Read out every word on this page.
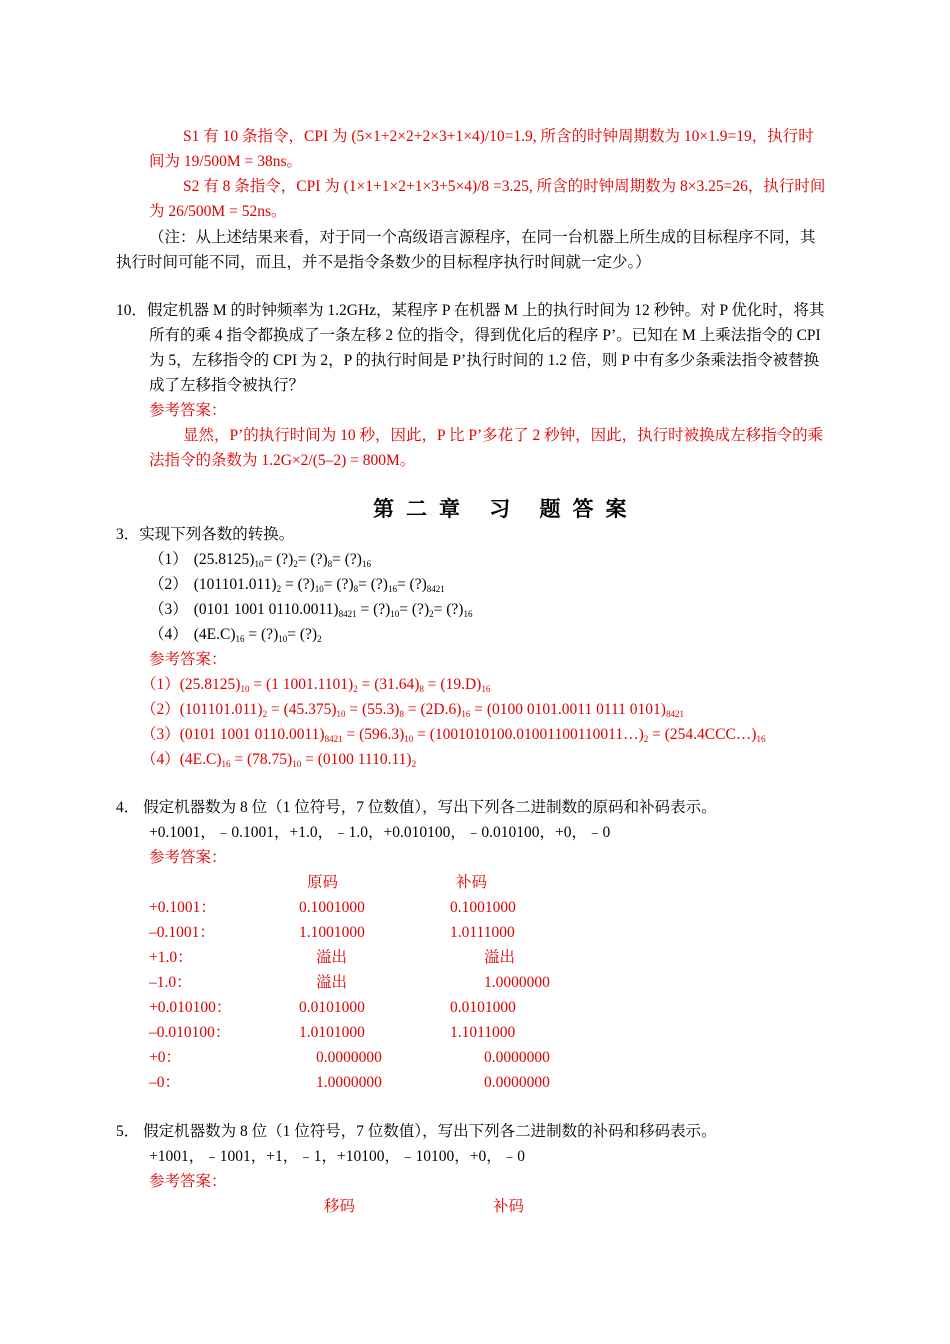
S1 有 10 条指令，CPI 为 (5×1+2×2+2×3+1×4)/10=1.9, 所含的时钟周期数为 10×1.9=19，执行时
间为 19/500M = 38ns。
S2 有 8 条指令，CPI 为 (1×1+1×2+1×3+5×4)/8 =3.25, 所含的时钟周期数为 8×3.25=26，执行时间
为 26/500M = 52ns。
（注：从上述结果来看，对于同一个高级语言源程序，在同一台机器上所生成的目标程序不同，其
执行时间可能不同，而且，并不是指令条数少的目标程序执行时间就一定少。）
10．假定机器 M 的时钟频率为 1.2GHz，某程序 P 在机器 M 上的执行时间为 12 秒钟。对 P 优化时，将其
所有的乘 4 指令都换成了一条左移 2 位的指令，得到优化后的程序 P’。已知在 M 上乘法指令的 CPI
为 5，左移指令的 CPI 为 2，P 的执行时间是 P’执行时间的 1.2 倍，则 P 中有多少条乘法指令被替换
成了左移指令被执行？
参考答案：
显然，P’的执行时间为 10 秒，因此，P 比 P’多花了 2 秒钟，因此，执行时被换成左移指令的乘
法指令的条数为 1.2G×2/(5–2) = 800M。
第二章 习 题答案
3．实现下列各数的转换。
（1） $(25.8125)_{10}=$ $(?)_2=$ $(?)_8=$ $(?)_{16}$
（2） $(101101.011)_2$ = $(?)_{10}=$ $(?)_8=$ $(?)_{16}=$ $(?)_{8421}$
（3） (0101 1001 $0110.0011)_{8421}$ = $(?)_{10}=$ $(?)_2=$ $(?)_{16}$
（4） $(4E.C)_{16}$ = $(?)_{10}=$ $(?)_2$
参考答案：
$(1)(25.8125)_{10} = (1$ $1001.1101)_2 = (31.64)_8 = (19.D)_{16}$
$(2)(101101.011)_2 = (45.375)_{10} = (55.3)_8 = (2D.6)_{16} = (0100$ 0101.0011 0111 $0101)_{8421}$
（3）(0101 1001 $0110.0011)_{8421} = (596.3)_{10}$ = $(1001010100.01001100110011\dots)_2$ = $(254.4CCC\dots)_{16}$
$(4)(4E.C)_{16} = (78.75)_{10} = (0100$ $1110.11)_2$
4． 假定机器数为 8 位（1 位符号，7 位数值），写出下列各二进制数的原码和补码表示。
+0.1001，﹣0.1001，+1.0，﹣1.0，+0.010100，﹣0.010100，+0，﹣0
参考答案：
原码	补码
+0.1001：	0.1001000	0.1001000
–0.1001：	1.1001000	1.0111000
+1.0：	溢出	溢出
–1.0：	溢出	1.0000000
+0.010100：	0.0101000	0.0101000
–0.010100：	1.0101000	1.1011000
+0：	0.0000000	0.0000000
–0：	1.0000000	0.0000000
5． 假定机器数为 8 位（1 位符号，7 位数值），写出下列各二进制数的补码和移码表示。
+1001，﹣1001，+1，﹣1，+10100，﹣10100，+0，﹣0
参考答案：
移码	补码
